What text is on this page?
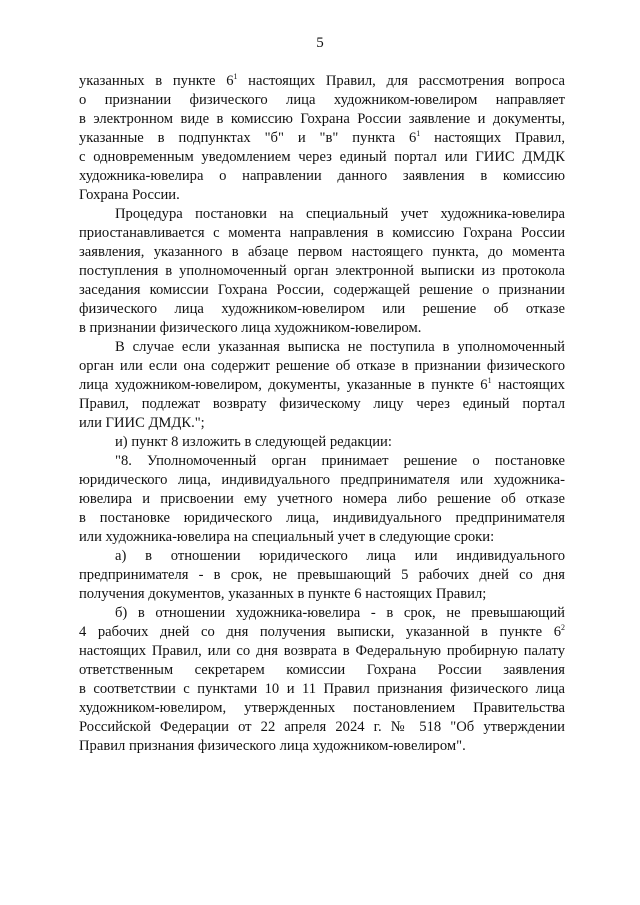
5
указанных в пункте $6^1$ настоящих Правил, для рассмотрения вопроса
о признании физического лица художником-ювелиром направляет
в электронном виде в комиссию Гохрана России заявление и документы,
указанные в подпунктах "б" и "в" пункта $6^1$ настоящих Правил,
с одновременным уведомлением через единый портал или ГИИС ДМДК
художника-ювелира о направлении данного заявления в комиссию
Гохрана России.
Процедура постановки на специальный учет художника-ювелира
приостанавливается с момента направления в комиссию Гохрана России
заявления, указанного в абзаце первом настоящего пункта, до момента
поступления в уполномоченный орган электронной выписки из протокола
заседания комиссии Гохрана России, содержащей решение о признании
физического лица художником-ювелиром или решение об отказе
в признании физического лица художником-ювелиром.
В случае если указанная выписка не поступила в уполномоченный
орган или если она содержит решение об отказе в признании физического
лица художником-ювелиром, документы, указанные в пункте $6^1$ настоящих
Правил, подлежат возврату физическому лицу через единый портал
или ГИИС ДМДК.";
и) пункт 8 изложить в следующей редакции:
"8. Уполномоченный орган принимает решение о постановке
юридического лица, индивидуального предпринимателя или художника-
ювелира и присвоении ему учетного номера либо решение об отказе
в постановке юридического лица, индивидуального предпринимателя
или художника-ювелира на специальный учет в следующие сроки:
а) в отношении юридического лица или индивидуального
предпринимателя - в срок, не превышающий 5 рабочих дней со дня
получения документов, указанных в пункте 6 настоящих Правил;
б) в отношении художника-ювелира - в срок, не превышающий
4 рабочих дней со дня получения выписки, указанной в пункте $6^2$
настоящих Правил, или со дня возврата в Федеральную пробирную палату
ответственным секретарем комиссии Гохрана России заявления
в соответствии с пунктами 10 и 11 Правил признания физического лица
художником-ювелиром, утвержденных постановлением Правительства
Российской Федерации от 22 апреля 2024 г. № 518 "Об утверждении
Правил признания физического лица художником-ювелиром".
